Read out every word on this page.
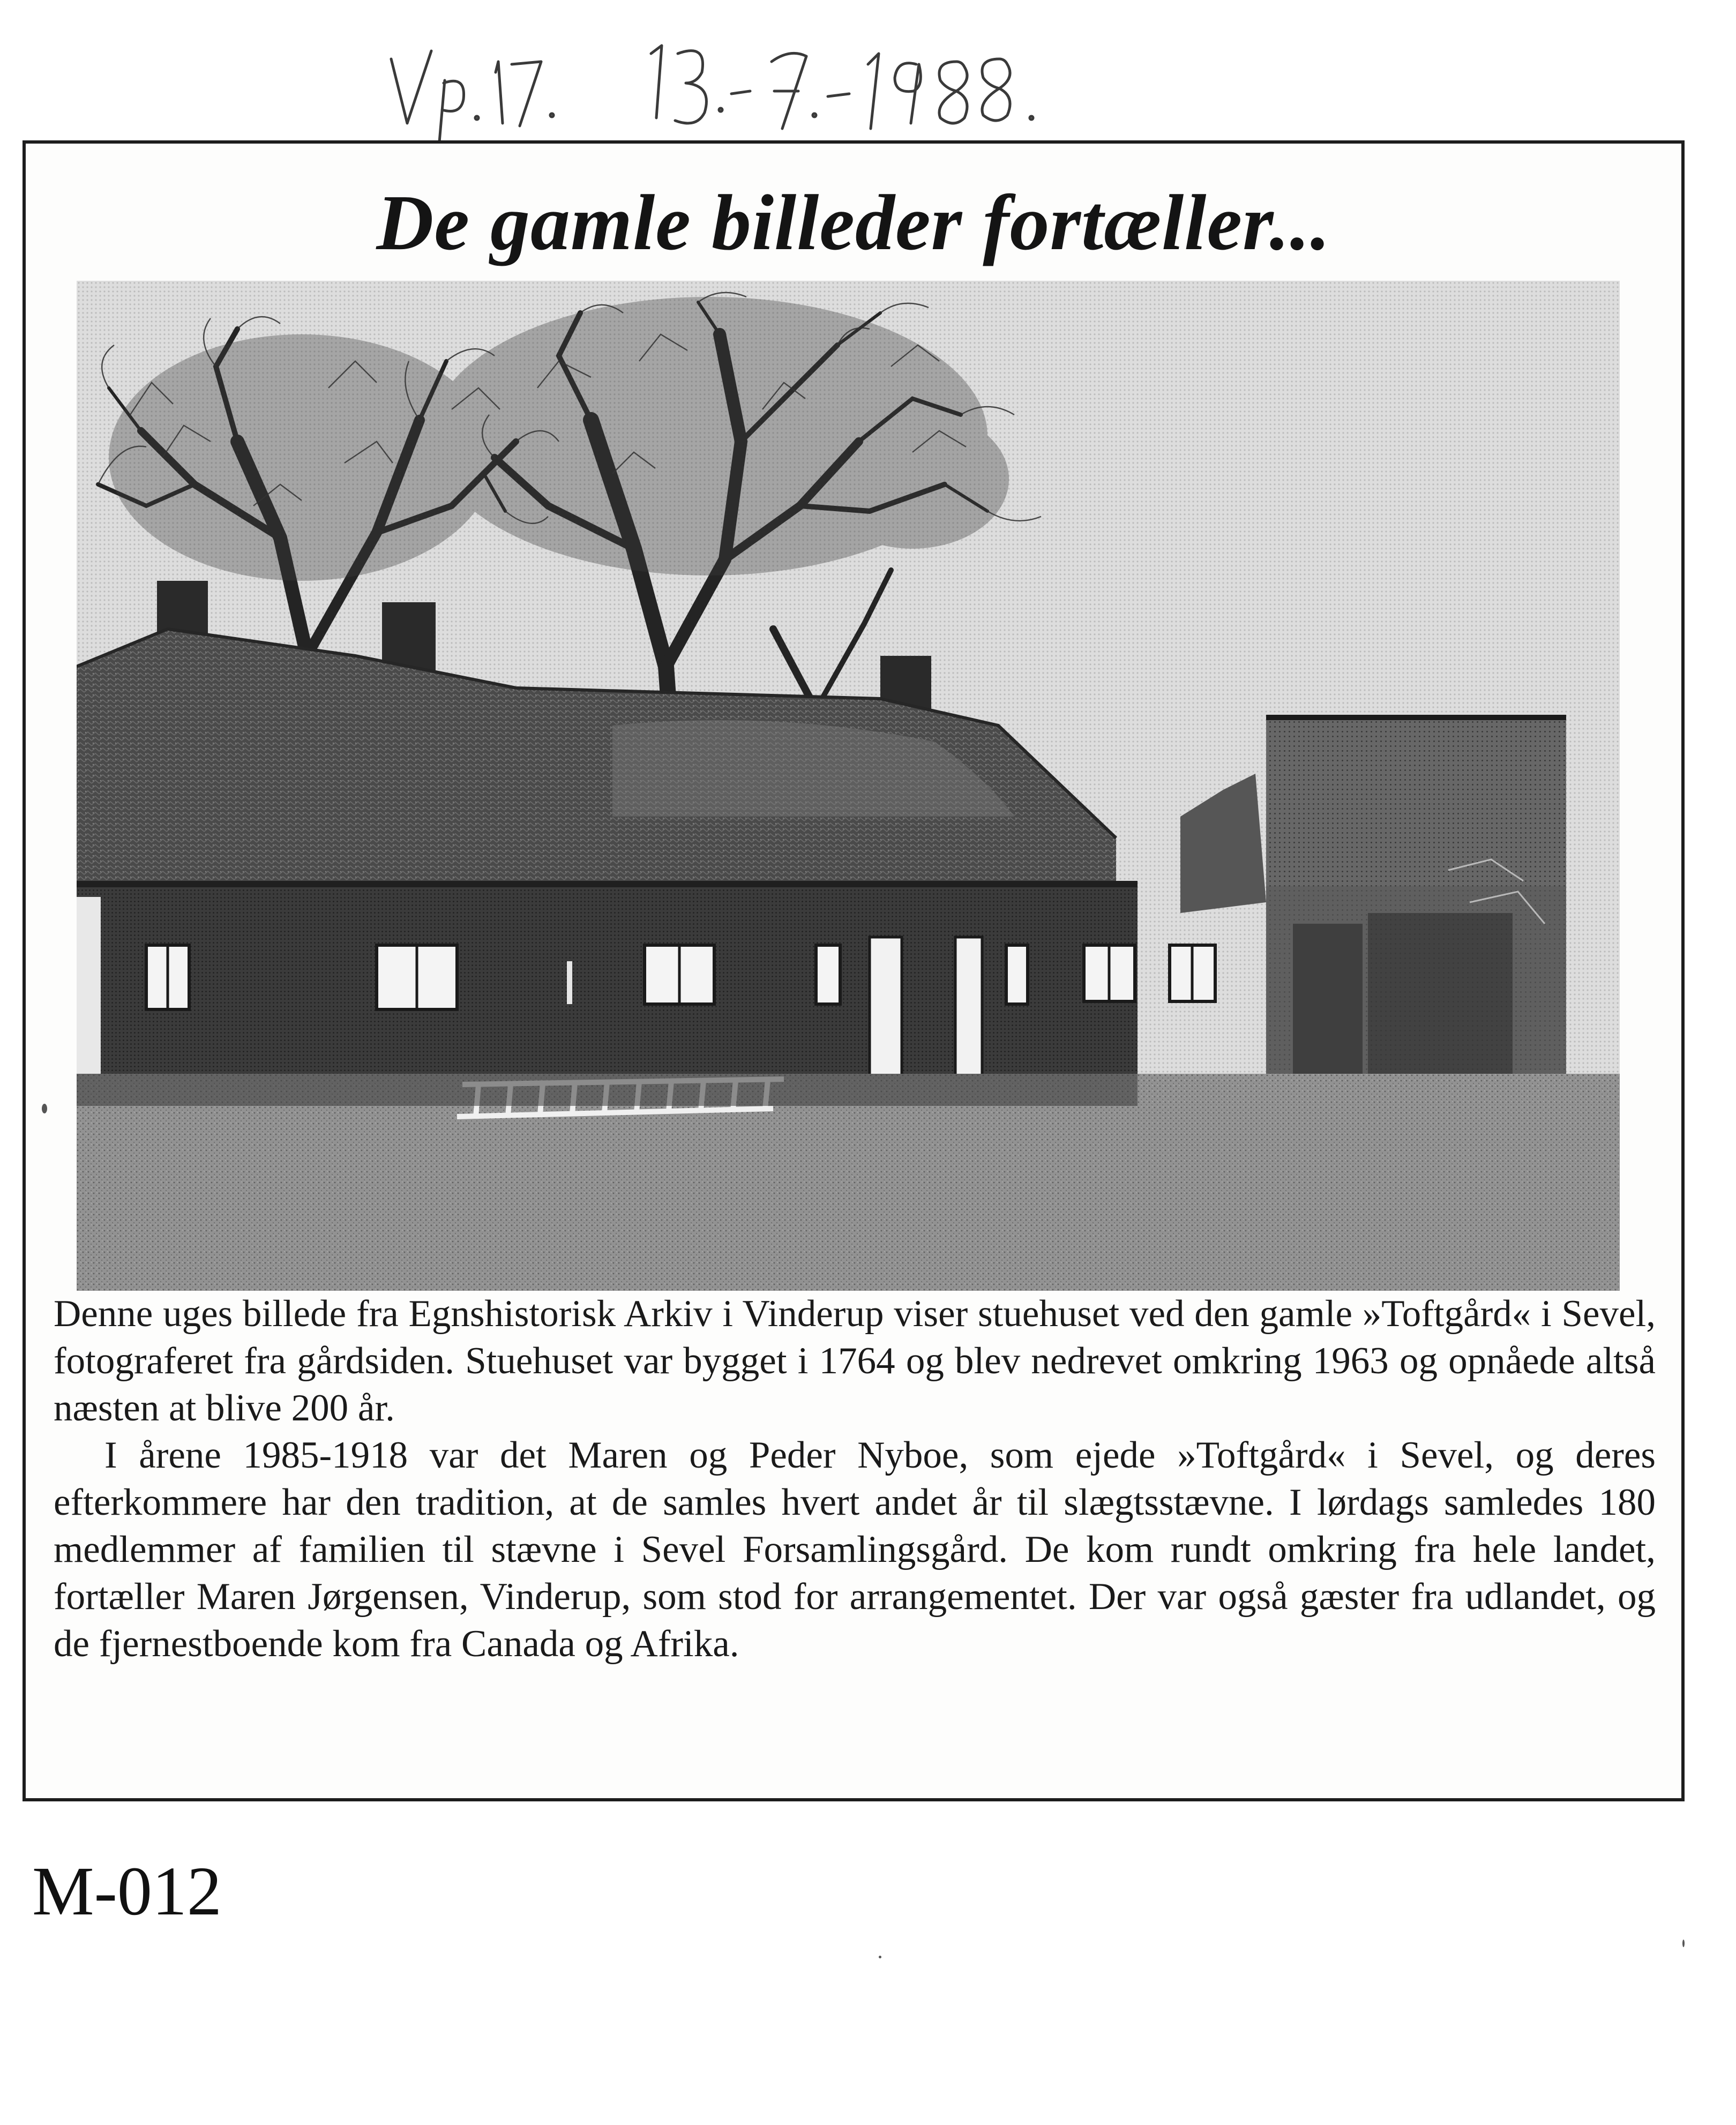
De gamle billeder fortæller...

Denne uges billede fra Egnshistorisk Arkiv i Vinderup viser stuehuset ved den gamle »Toftgård« i Sevel, fotograferet fra gårdsiden. Stuehuset var bygget i 1764 og blev nedrevet omkring 1963 og opnåede altså næsten at blive 200 år.

I årene 1985-1918 var det Maren og Peder Nyboe, som ejede »Toftgård« i Sevel, og deres efterkommere har den tradition, at de samles hvert andet år til slægtsstævne. I lørdags samledes 180 medlemmer af familien til stævne i Sevel Forsamlingsgård. De kom rundt omkring fra hele landet, fortæller Maren Jørgensen, Vinderup, som stod for arrangementet. Der var også gæster fra udlandet, og de fjernestboende kom fra Canada og Afrika.

M-012
